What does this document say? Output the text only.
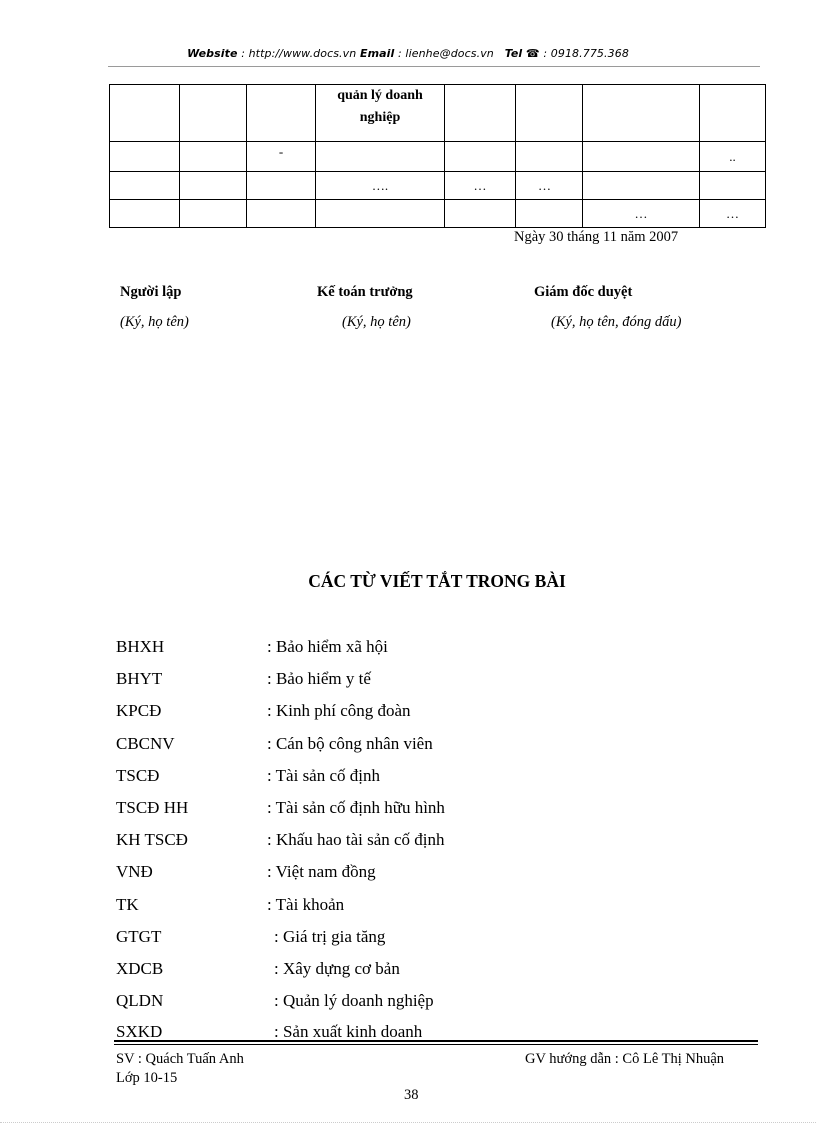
Website : http://www.docs.vn Email : lienhe@docs.vn Tel ☎ : 0918.775.368
			quản lý doanh nghiệp				
		-					..
			….	…	…		
						…	…
Ngày 30 tháng 11 năm 2007
Người lập
(Ký, họ tên)
Kế toán trưởng
(Ký, họ tên)
Giám đốc duyệt
(Ký, họ tên, đóng dấu)
CÁC TỪ VIẾT TẮT TRONG BÀI
BHXH	: Bảo hiểm xã hội
BHYT	: Bảo hiểm y tế
KPCĐ	: Kinh phí công đoàn
CBCNV	: Cán bộ công nhân viên
TSCĐ	: Tài sản cố định
TSCĐ HH	: Tài sản cố định hữu hình
KH TSCĐ	: Khấu hao tài sản cố định
VNĐ	: Việt nam đồng
TK	: Tài khoản
GTGT	: Giá trị gia tăng
XDCB	: Xây dựng cơ bản
QLDN	: Quản lý doanh nghiệp
SXKD	: Sản xuất kinh doanh
SV : Quách Tuấn Anh
Lớp 10-15
GV hướng dẫn : Cô Lê Thị Nhuận
38
